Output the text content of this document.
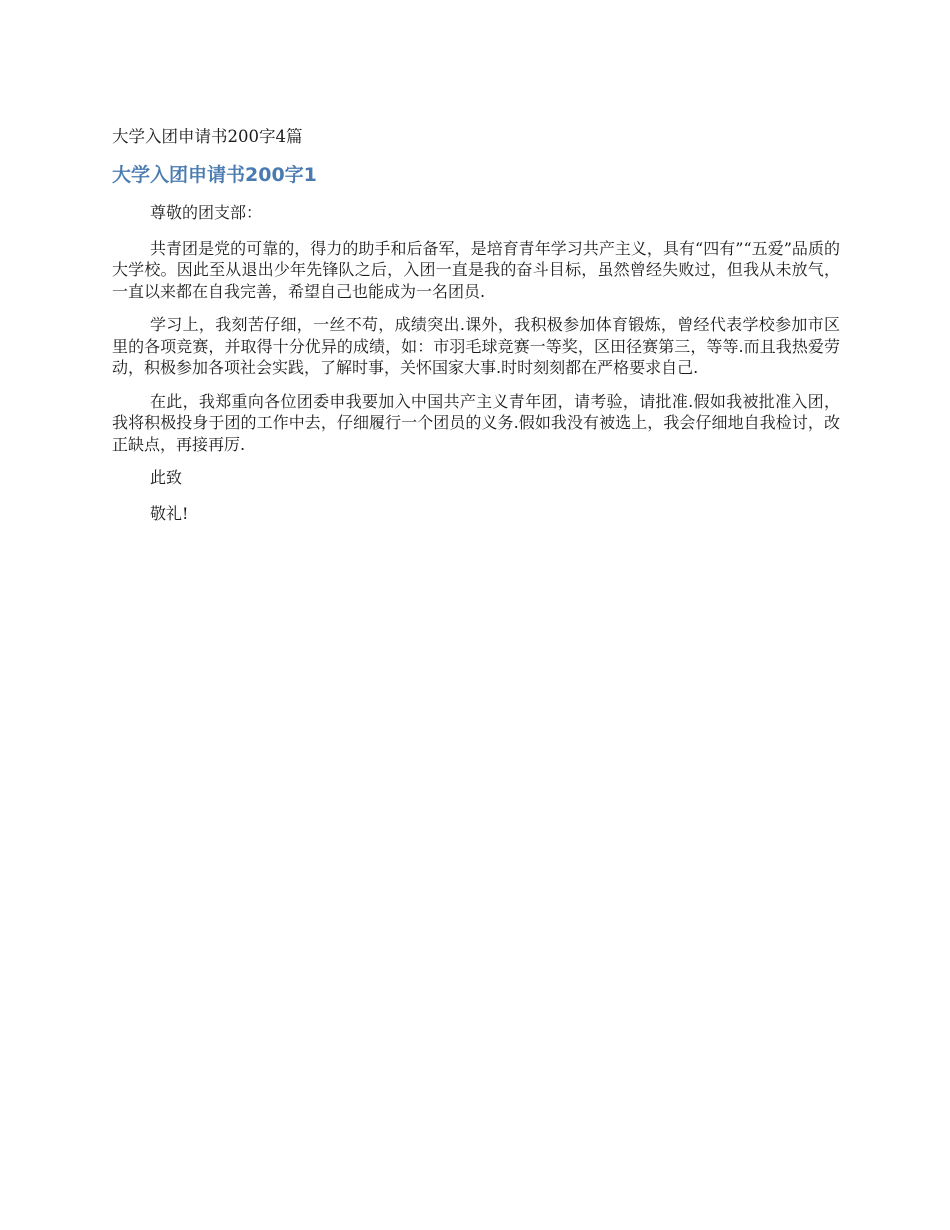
大学入团申请书200字4篇
大学入团申请书200字1

尊敬的团支部：

共青团是党的可靠的，得力的助手和后备军，是培育青年学习共产主义，具有“四有”“五爱”品质的大学校。因此至从退出少年先锋队之后，入团一直是我的奋斗目标，虽然曾经失败过，但我从未放气，一直以来都在自我完善，希望自己也能成为一名团员.

学习上，我刻苦仔细，一丝不苟，成绩突出.课外，我积极参加体育锻炼，曾经代表学校参加市区里的各项竞赛，并取得十分优异的成绩，如：市羽毛球竞赛一等奖，区田径赛第三，等等.而且我热爱劳动，积极参加各项社会实践，了解时事，关怀国家大事.时时刻刻都在严格要求自己.

在此，我郑重向各位团委申我要加入中国共产主义青年团，请考验，请批准.假如我被批准入团，我将积极投身于团的工作中去，仔细履行一个团员的义务.假如我没有被选上，我会仔细地自我检讨，改正缺点，再接再厉.

此致

敬礼!
